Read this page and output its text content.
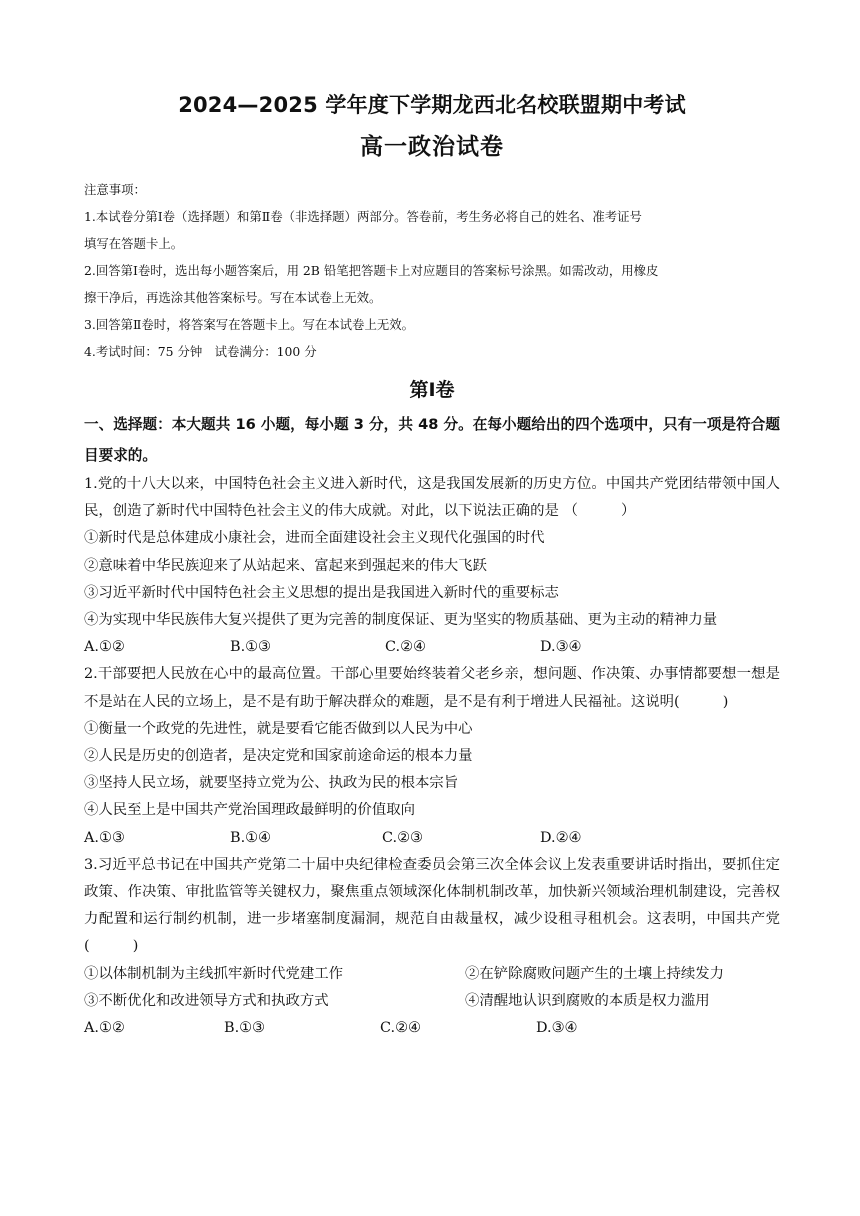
2024—2025 学年度下学期龙西北名校联盟期中考试
高一政治试卷
注意事项：
1.本试卷分第Ⅰ卷（选择题）和第Ⅱ卷（非选择题）两部分。答卷前，考生务必将自己的姓名、准考证号
填写在答题卡上。
2.回答第Ⅰ卷时，选出每小题答案后，用 2B 铅笔把答题卡上对应题目的答案标号涂黑。如需改动，用橡皮
擦干净后，再选涂其他答案标号。写在本试卷上无效。
3.回答第Ⅱ卷时，将答案写在答题卡上。写在本试卷上无效。
4.考试时间：75 分钟　试卷满分：100 分
第Ⅰ卷
一、选择题：本大题共 16 小题，每小题 3 分，共 48 分。在每小题给出的四个选项中，只有一项是符合题目要求的。
1.党的十八大以来，中国特色社会主义进入新时代，这是我国发展新的历史方位。中国共产党团结带领中国人民，创造了新时代中国特色社会主义的伟大成就。对此，以下说法正确的是 （　　　）
①新时代是总体建成小康社会，进而全面建设社会主义现代化强国的时代
②意味着中华民族迎来了从站起来、富起来到强起来的伟大飞跃
③习近平新时代中国特色社会主义思想的提出是我国进入新时代的重要标志
④为实现中华民族伟大复兴提供了更为完善的制度保证、更为坚实的物质基础、更为主动的精神力量
A.①②	B.①③	C.②④	D.③④
2.干部要把人民放在心中的最高位置。干部心里要始终装着父老乡亲，想问题、作决策、办事情都要想一想是不是站在人民的立场上，是不是有助于解决群众的难题，是不是有利于增进人民福祉。这说明(　　　)
①衡量一个政党的先进性，就是要看它能否做到以人民为中心
②人民是历史的创造者，是决定党和国家前途命运的根本力量
③坚持人民立场，就要坚持立党为公、执政为民的根本宗旨
④人民至上是中国共产党治国理政最鲜明的价值取向
A.①③	B.①④	C.②③	D.②④
3.习近平总书记在中国共产党第二十届中央纪律检查委员会第三次全体会议上发表重要讲话时指出，要抓住定政策、作决策、审批监管等关键权力，聚焦重点领域深化体制机制改革，加快新兴领域治理机制建设，完善权力配置和运行制约机制，进一步堵塞制度漏洞，规范自由裁量权，减少设租寻租机会。这表明，中国共产党(　　　)
①以体制机制为主线抓牢新时代党建工作	②在铲除腐败问题产生的土壤上持续发力
③不断优化和改进领导方式和执政方式	④清醒地认识到腐败的本质是权力滥用
A.①②	B.①③	C.②④	D.③④
